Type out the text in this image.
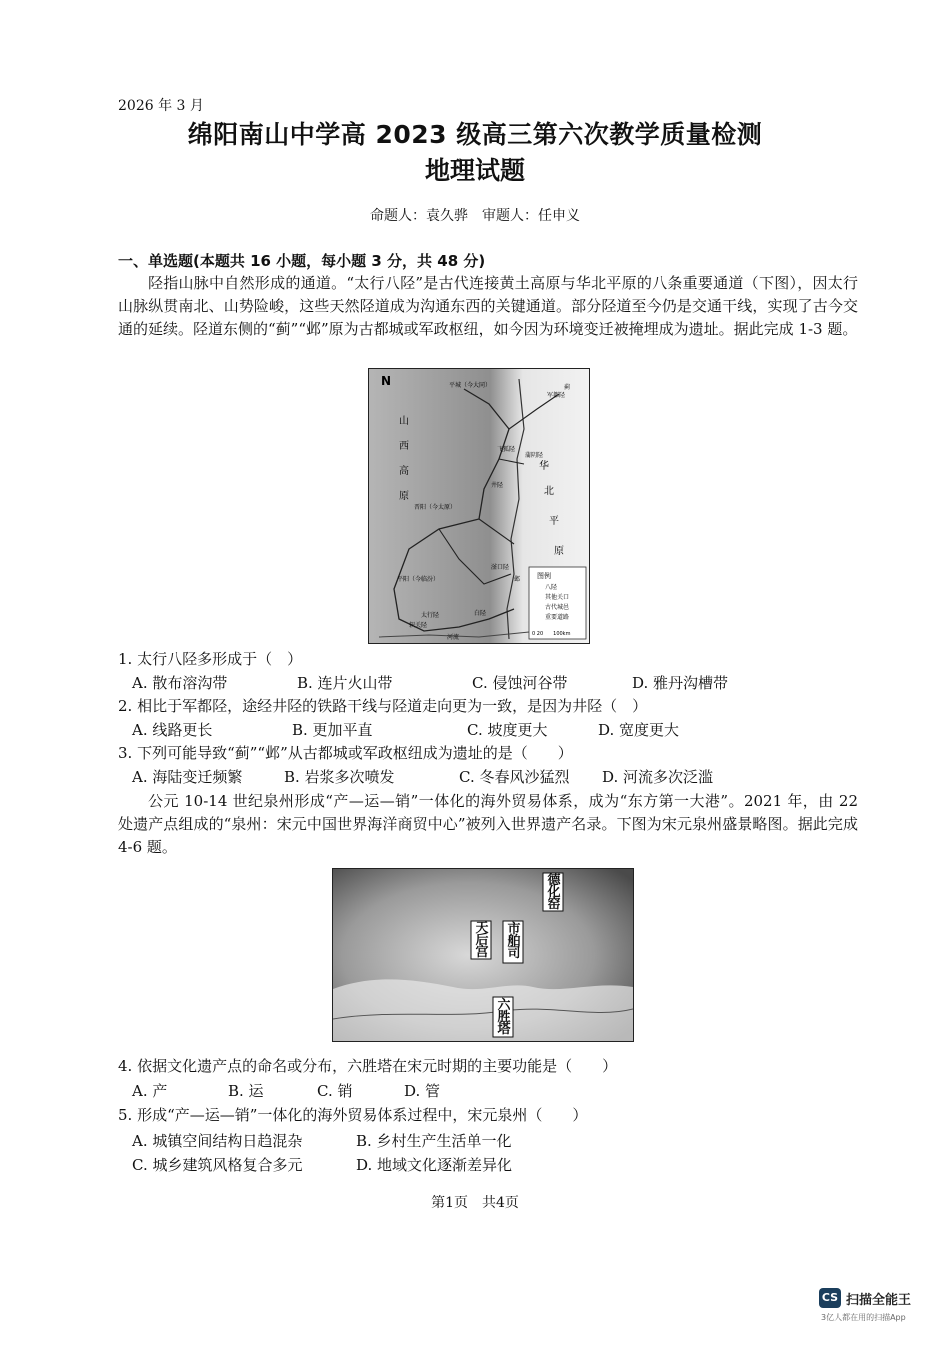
2026 年 3 月
绵阳南山中学高 2023 级高三第六次教学质量检测
地理试题
命题人：袁久骅　审题人：任申义
一、单选题(本题共 16 小题，每小题 3 分，共 48 分)
陉指山脉中自然形成的通道。“太行八陉”是古代连接黄土高原与华北平原的八条重要通道（下图），因太行山脉纵贯南北、山势险峻，这些天然陉道成为沟通东西的关键通道。部分陉道至今仍是交通干线，实现了古今交通的延续。陉道东侧的“蓟”“邺”原为古都城或军政枢纽，如今因为环境变迁被掩埋成为遗址。据此完成 1-3 题。
N
山
西
高
原
华
北
平
原
平城（今大同）	蓟
军都陉
飞狐陉
蒲阴陉
井陉
晋阳（今太原）
滏口陉
邺
平阳（今临汾）
太行陉
轵关陉
白陉
河流
图例
八陉
其他关口
古代城邑
重要道路
0 20　　100km
1. 太行八陉多形成于（　）
A. 散布溶沟带	B. 连片火山带	C. 侵蚀河谷带	D. 雅丹沟槽带
2. 相比于军都陉，途经井陉的铁路干线与陉道走向更为一致，是因为井陉（　）
A. 线路更长	B. 更加平直	C. 坡度更大	D. 宽度更大
3. 下列可能导致“蓟”“邺”从古都城或军政枢纽成为遗址的是（　　）
A. 海陆变迁频繁	B. 岩浆多次喷发	C. 冬春风沙猛烈 D. 河流多次泛滥
公元 10-14 世纪泉州形成“产—运—销”一体化的海外贸易体系，成为“东方第一大港”。2021 年，由 22 处遗产点组成的“泉州：宋元中国世界海洋商贸中心”被列入世界遗产名录。下图为宋元泉州盛景略图。据此完成 4-6 题。
德化窑
天后宫
市舶司
六胜塔
4. 依据文化遗产点的命名或分布，六胜塔在宋元时期的主要功能是（　　）
A. 产	B. 运	C. 销	D. 管
5. 形成“产—运—销”一体化的海外贸易体系过程中，宋元泉州（　　）
A. 城镇空间结构日趋混杂	B. 乡村生产生活单一化
C. 城乡建筑风格复合多元	D. 地域文化逐渐差异化
第1页　共4页
CS 扫描全能王
3亿人都在用的扫描App
